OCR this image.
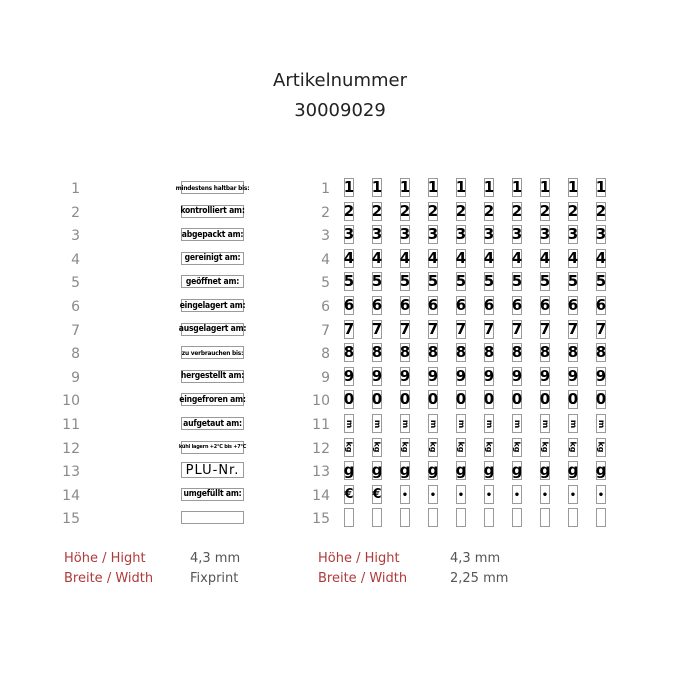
Artikelnummer
30009029
1	mindestens haltbar bis:
2	kontrolliert am:
3	abgepackt am:
4	gereinigt am:
5	geöffnet am:
6	eingelagert am:
7	ausgelagert am:
8	zu verbrauchen bis:
9	hergestellt am:
10	eingefroren am:
11	aufgetaut am:
12	kühl lagern +2°C bis +7°C
13	PLU-Nr.
14	umgefüllt am:
15
1 1 1 1 1 1 1 1 1 1 1
2 2 2 2 2 2 2 2 2 2 2
3 3 3 3 3 3 3 3 3 3 3
4 4 4 4 4 4 4 4 4 4 4
5 5 5 5 5 5 5 5 5 5 5
6 6 6 6 6 6 6 6 6 6 6
7 7 7 7 7 7 7 7 7 7 7
8 8 8 8 8 8 8 8 8 8 8
9 9 9 9 9 9 9 9 9 9 9
10 0 0 0 0 0 0 0 0 0 0
11 m m m m m m m m m m
12 kg kg kg kg kg kg kg kg kg kg
13 g g g g g g g g g g
14 € € • • • • • • • •
15
Höhe / Hight	4,3 mm
Breite / Width	Fixprint
Höhe / Hight	4,3 mm
Breite / Width	2,25 mm
